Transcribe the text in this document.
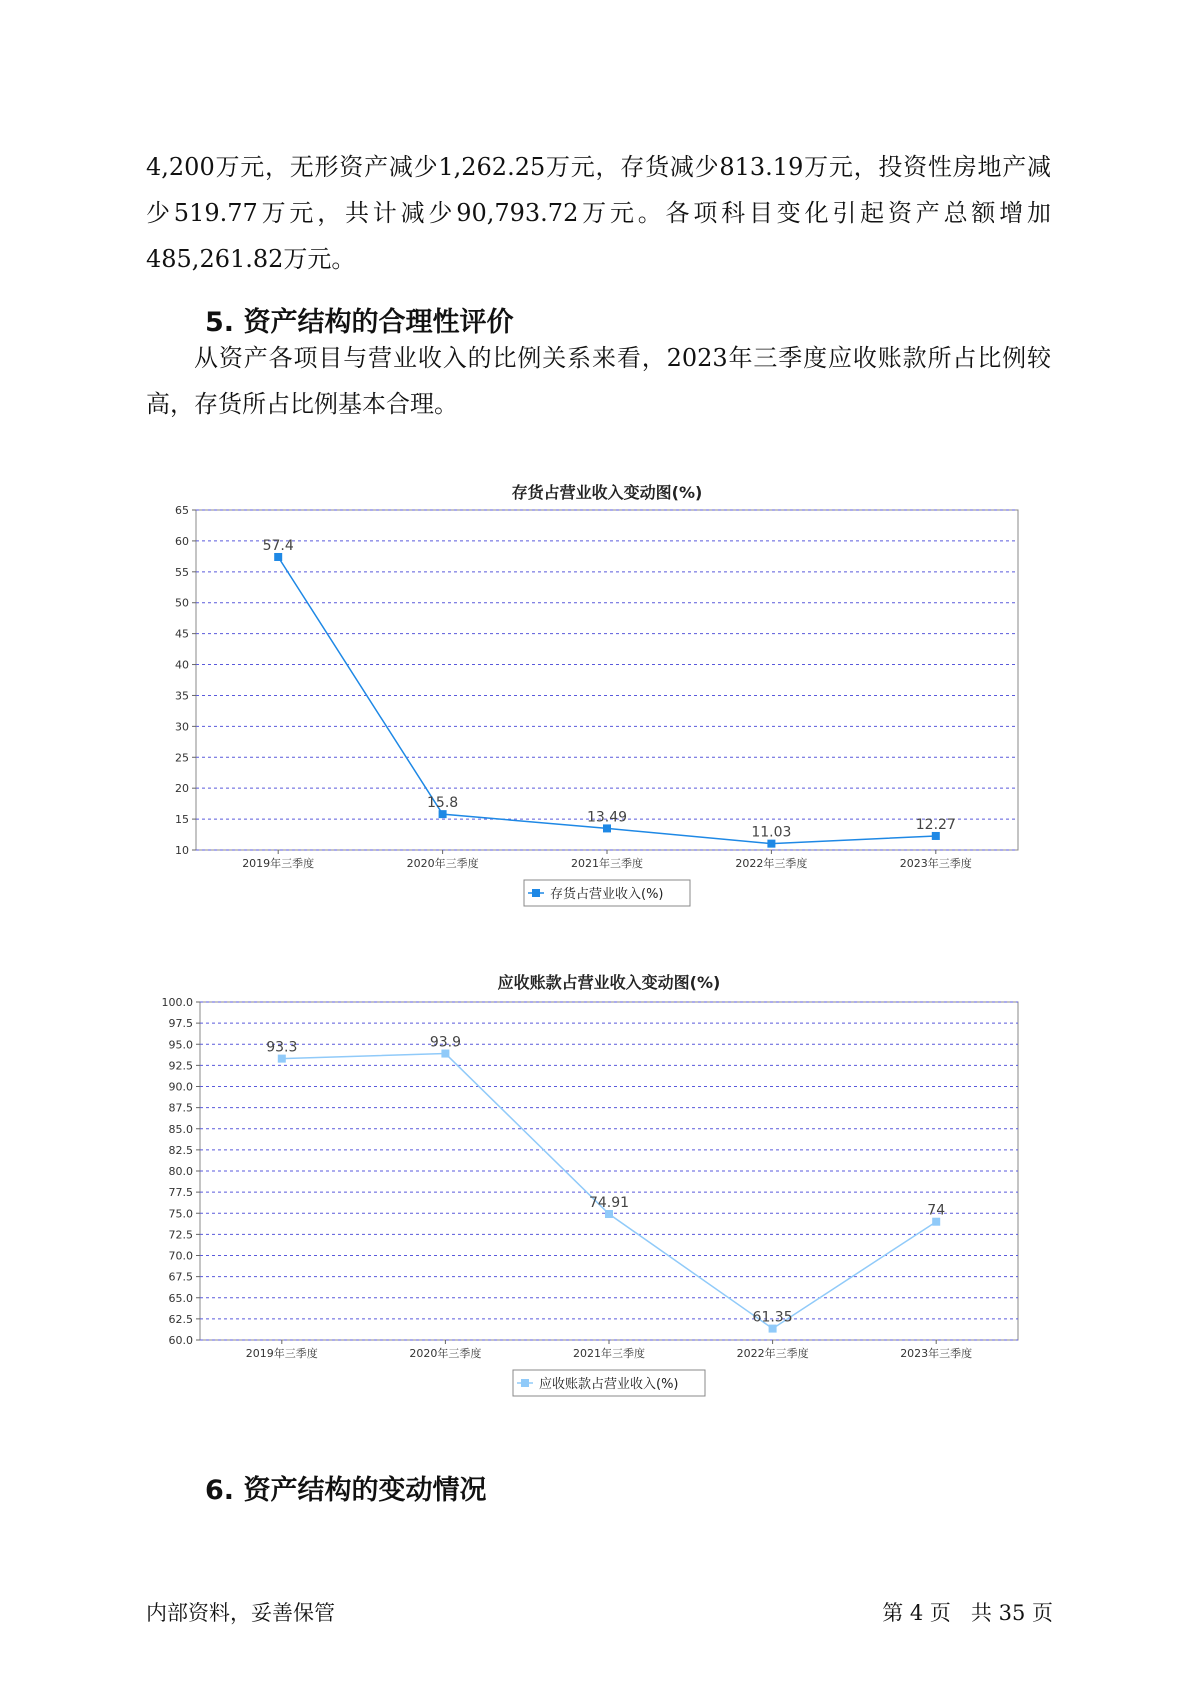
4,200万元，无形资产减少1,262.25万元，存货减少813.19万元，投资性房地产减少519.77万元，共计减少90,793.72万元。各项科目变化引起资产总额增加485,261.82万元。

5. 资产结构的合理性评价

从资产各项目与营业收入的比例关系来看，2023年三季度应收账款所占比例较高，存货所占比例基本合理。

存货占营业收入变动图(%)
10
15
20
25
30
35
40
45
50
55
60
65
2019年三季度	2020年三季度	2021年三季度	2022年三季度	2023年三季度
57.4
15.8
13.49
11.03	12.27
存货占营业收入(%)
应收账款占营业收入变动图(%)
60.0
62.5
65.0
67.5
70.0
72.5
75.0
77.5
80.0
82.5
85.0
87.5
90.0
92.5
95.0
97.5
100.0
2019年三季度	2020年三季度	2021年三季度	2022年三季度	2023年三季度
93.3	93.9
74.91
61.35
74
应收账款占营业收入(%)
6. 资产结构的变动情况
内部资料，妥善保管	第 4 页   共 35 页
